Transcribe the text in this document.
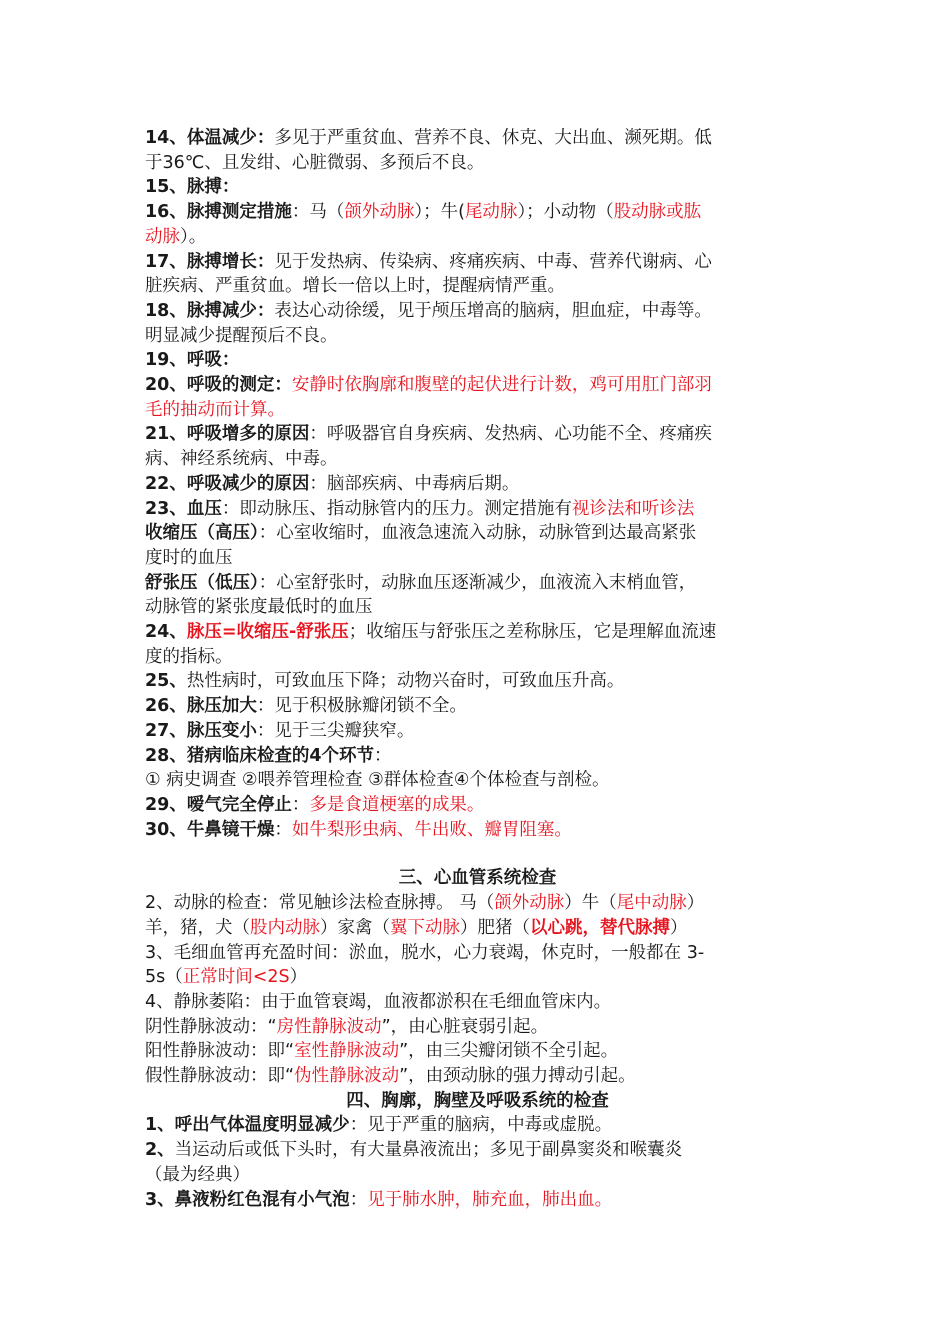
14、体温减少：多见于严重贫血、营养不良、休克、大出血、濒死期。低
于36℃、且发绀、心脏微弱、多预后不良。
15、脉搏：
16、脉搏测定措施：马（颌外动脉）；牛(尾动脉）；小动物（股动脉或肱
动脉）。
17、脉搏增长：见于发热病、传染病、疼痛疾病、中毒、营养代谢病、心
脏疾病、严重贫血。增长一倍以上时，提醒病情严重。
18、脉搏减少：表达心动徐缓，见于颅压增高的脑病，胆血症，中毒等。
明显减少提醒预后不良。
19、呼吸：
20、呼吸的测定：安静时依胸廓和腹壁的起伏进行计数，鸡可用肛门部羽
毛的抽动而计算。
21、呼吸增多的原因：呼吸器官自身疾病、发热病、心功能不全、疼痛疾
病、神经系统病、中毒。
22、呼吸减少的原因：脑部疾病、中毒病后期。
23、血压：即动脉压、指动脉管内的压力。测定措施有视诊法和听诊法
收缩压（高压）：心室收缩时，血液急速流入动脉，动脉管到达最高紧张
度时的血压
舒张压（低压）：心室舒张时，动脉血压逐渐减少，血液流入末梢血管，
动脉管的紧张度最低时的血压
24、脉压=收缩压-舒张压；收缩压与舒张压之差称脉压，它是理解血流速
度的指标。
25、热性病时，可致血压下降；动物兴奋时，可致血压升高。
26、脉压加大：见于积极脉瓣闭锁不全。
27、脉压变小：见于三尖瓣狭窄。
28、猪病临床检查的4个环节：
① 病史调查 ②喂养管理检查 ③群体检查④个体检查与剖检。
29、嗳气完全停止：多是食道梗塞的成果。
30、牛鼻镜干燥：如牛梨形虫病、牛出败、瓣胃阻塞。
三、心血管系统检查
2、动脉的检查：常见触诊法检查脉搏。 马（颌外动脉）牛（尾中动脉）
羊，猪，犬（股内动脉）家禽（翼下动脉）肥猪（以心跳，替代脉搏）
3、毛细血管再充盈时间：淤血，脱水，心力衰竭，休克时，一般都在 3-
5s（正常时间<2S）
4、静脉萎陷：由于血管衰竭，血液都淤积在毛细血管床内。
阴性静脉波动：“房性静脉波动”，由心脏衰弱引起。
阳性静脉波动：即“室性静脉波动”，由三尖瓣闭锁不全引起。
假性静脉波动：即“伪性静脉波动”，由颈动脉的强力搏动引起。
四、胸廓，胸壁及呼吸系统的检查
1、呼出气体温度明显减少：见于严重的脑病，中毒或虚脱。
2、当运动后或低下头时，有大量鼻液流出；多见于副鼻窦炎和喉囊炎
（最为经典）
3、鼻液粉红色混有小气泡：见于肺水肿，肺充血，肺出血。
